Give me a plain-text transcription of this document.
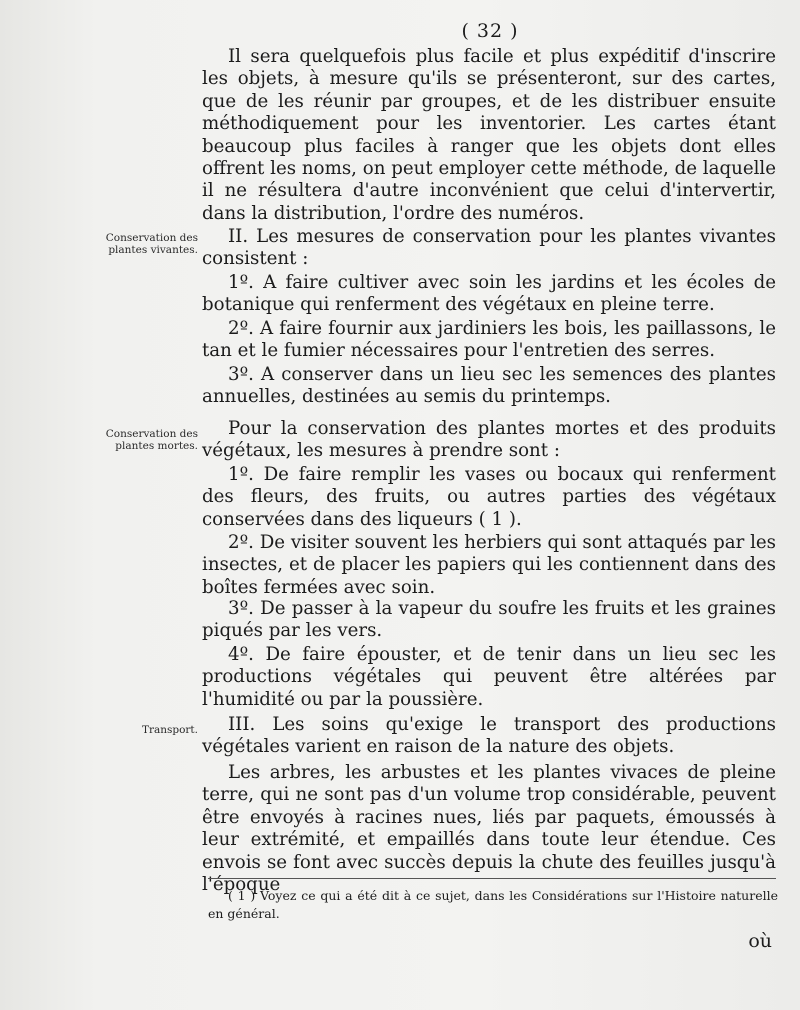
( 32 )

Il sera quelquefois plus facile et plus expéditif d'inscrire les objets, à mesure qu'ils se présenteront, sur des cartes, que de les réunir par groupes, et de les distribuer ensuite méthodiquement pour les inventorier. Les cartes étant beaucoup plus faciles à ranger que les objets dont elles offrent les noms, on peut employer cette méthode, de laquelle il ne résultera d'autre inconvénient que celui d'intervertir, dans la distribution, l'ordre des numéros.

Conservation des plantes vivantes.

II. Les mesures de conservation pour les plantes vivantes consistent :

1º. A faire cultiver avec soin les jardins et les écoles de botanique qui renferment des végétaux en pleine terre.

2º. A faire fournir aux jardiniers les bois, les paillassons, le tan et le fumier nécessaires pour l'entretien des serres.

3º. A conserver dans un lieu sec les semences des plantes annuelles, destinées au semis du printemps.

Conservation des plantes mortes.

Pour la conservation des plantes mortes et des produits végétaux, les mesures à prendre sont :

1º. De faire remplir les vases ou bocaux qui renferment des fleurs, des fruits, ou autres parties des végétaux conservées dans des liqueurs ( 1 ).

2º. De visiter souvent les herbiers qui sont attaqués par les insectes, et de placer les papiers qui les contiennent dans des boîtes fermées avec soin.

3º. De passer à la vapeur du soufre les fruits et les graines piqués par les vers.

4º. De faire épouster, et de tenir dans un lieu sec les productions végétales qui peuvent être altérées par l'humidité ou par la poussière.

Transport.	III. Les soins qu'exige le transport des productions végétales varient en raison de la nature des objets.

Les arbres, les arbustes et les plantes vivaces de pleine terre, qui ne sont pas d'un volume trop considérable, peuvent être envoyés à racines nues, liés par paquets, émoussés à leur extrémité, et empaillés dans toute leur étendue. Ces envois se font avec succès depuis la chute des feuilles jusqu'à l'époque

( 1 ) Voyez ce qui a été dit à ce sujet, dans les Considérations sur l'Histoire naturelle en général.

où
